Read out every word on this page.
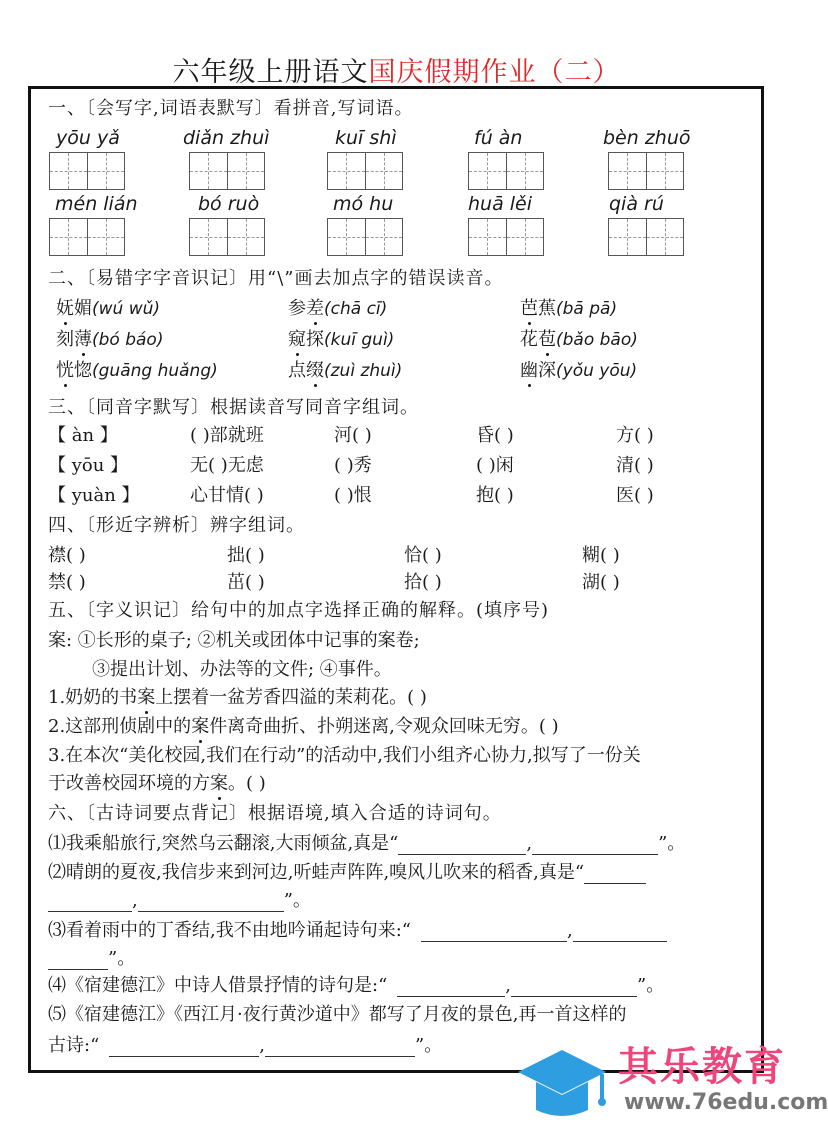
六年级上册语文国庆假期作业（二）
一、〔会写字,词语表默写〕看拼音,写词语。
yōu yǎ	diǎn zhuì	kuī shì	fú àn	bèn zhuō
mén lián	bó ruò	mó hu	huā lěi	qià rú
二、〔易错字字音识记〕用“\”画去加点字的错误读音。
妩媚(wú wǔ)	参差(chā cī)	芭蕉(bā pā)
刻薄(bó báo)	窥探(kuī guì)	花苞(bǎo bāo)
恍惚(guāng huǎng)	点缀(zuì zhuì)	幽深(yǒu yōu)
三、〔同音字默写〕根据读音写同音字组词。
【 àn 】	( )部就班	河( )	昏( )	方( )
【 yōu 】	无( )无虑	( )秀	( )闲	清( )
【 yuàn 】	心甘情( )	( )恨	抱( )	医( )
四、〔形近字辨析〕辨字组词。
襟( )	拙( )	恰( )	糊( )
禁( )	茁( )	拾( )	湖( )
五、〔字义识记〕给句中的加点字选择正确的解释。(填序号)
案: ①长形的桌子; ②机关或团体中记事的案卷;
③提出计划、办法等的文件; ④事件。
1.奶奶的书案上摆着一盆芳香四溢的茉莉花。( )
2.这部刑侦剧中的案件离奇曲折、扑朔迷离,令观众回味无穷。( )
3.在本次“美化校园,我们在行动”的活动中,我们小组齐心协力,拟写了一份关
于改善校园环境的方案。( )
六、〔古诗词要点背记〕根据语境,填入合适的诗词句。
⑴我乘船旅行,突然乌云翻滚,大雨倾盆,真是“	,	”。
⑵晴朗的夏夜,我信步来到河边,听蛙声阵阵,嗅风儿吹来的稻香,真是“
,	”。
⑶看着雨中的丁香结,我不由地吟诵起诗句来:“	,
”。
⑷《宿建德江》中诗人借景抒情的诗句是:“	,	”。
⑸《宿建德江》《西江月·夜行黄沙道中》都写了月夜的景色,再一首这样的
古诗:“	,	”。	其乐教育
www.76edu.com
